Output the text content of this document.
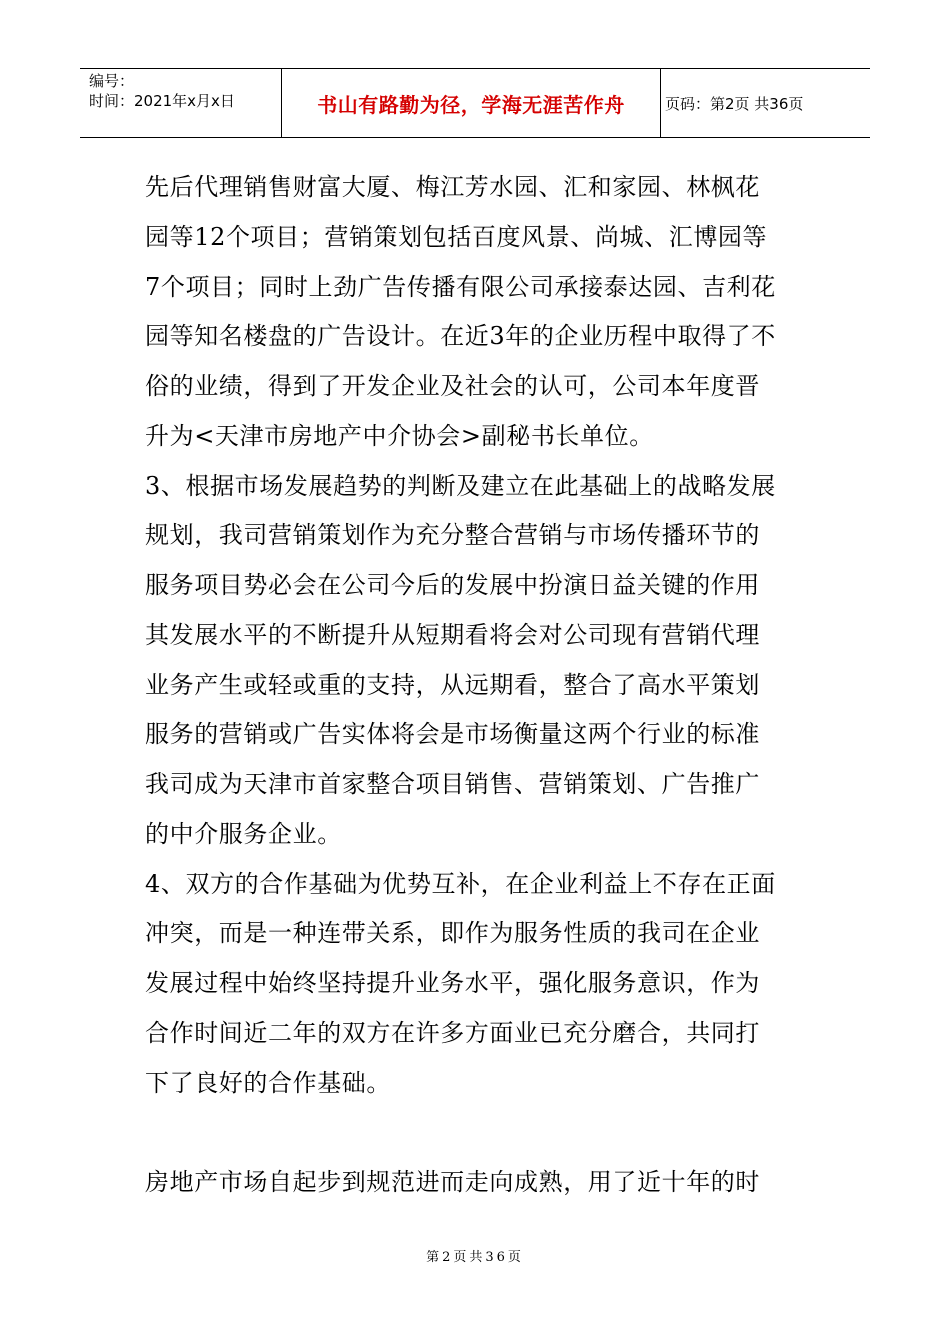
编号：
时间：2021年x月x日	书山有路勤为径，学海无涯苦作舟	页码：第2页 共36页
先后代理销售财富大厦、梅江芳水园、汇和家园、林枫花
园等12个项目；营销策划包括百度风景、尚城、汇博园等
7个项目；同时上劲广告传播有限公司承接泰达园、吉利花
园等知名楼盘的广告设计。在近3年的企业历程中取得了不
俗的业绩，得到了开发企业及社会的认可，公司本年度晋
升为<天津市房地产中介协会>副秘书长单位。
3、根据市场发展趋势的判断及建立在此基础上的战略发展
规划，我司营销策划作为充分整合营销与市场传播环节的
服务项目势必会在公司今后的发展中扮演日益关键的作用
其发展水平的不断提升从短期看将会对公司现有营销代理
业务产生或轻或重的支持，从远期看，整合了高水平策划
服务的营销或广告实体将会是市场衡量这两个行业的标准
我司成为天津市首家整合项目销售、营销策划、广告推广
的中介服务企业。
4、双方的合作基础为优势互补，在企业利益上不存在正面
冲突，而是一种连带关系，即作为服务性质的我司在企业
发展过程中始终坚持提升业务水平，强化服务意识，作为
合作时间近二年的双方在许多方面业已充分磨合，共同打
下了良好的合作基础。
房地产市场自起步到规范进而走向成熟，用了近十年的时
第2页共36页
